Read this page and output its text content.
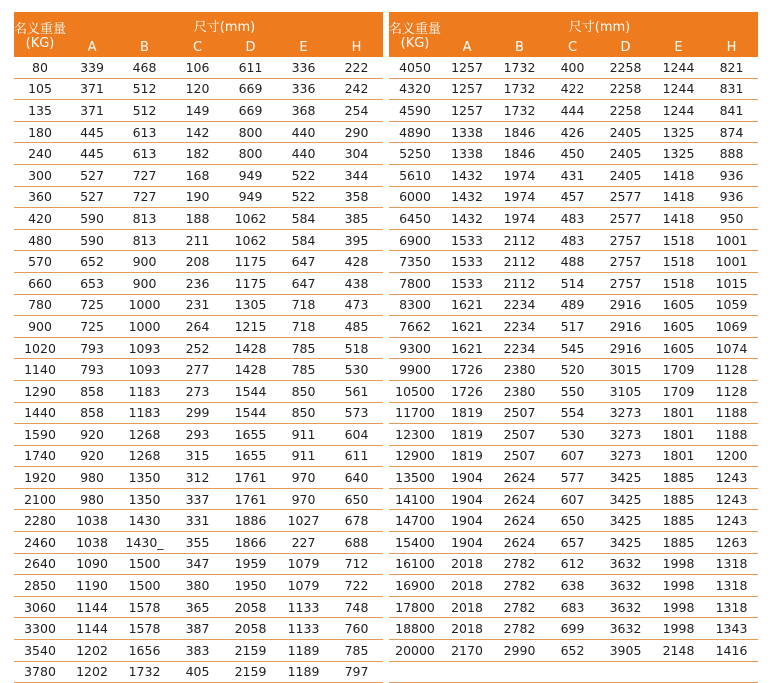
名义重量	尺寸(mm)					
(KG)	A	B	C	D	E	H
80	339	468	106	611	336	222
105	371	512	120	669	336	242
135	371	512	149	669	368	254
180	445	613	142	800	440	290
240	445	613	182	800	440	304
300	527	727	168	949	522	344
360	527	727	190	949	522	358
420	590	813	188	1062	584	385
480	590	813	211	1062	584	395
570	652	900	208	1175	647	428
660	653	900	236	1175	647	438
780	725	1000	231	1305	718	473
900	725	1000	264	1215	718	485
1020	793	1093	252	1428	785	518
1140	793	1093	277	1428	785	530
1290	858	1183	273	1544	850	561
1440	858	1183	299	1544	850	573
1590	920	1268	293	1655	911	604
1740	920	1268	315	1655	911	611
1920	980	1350	312	1761	970	640
2100	980	1350	337	1761	970	650
2280	1038	1430	331	1886	1027	678
2460	1038	1430_	355	1866	227	688
2640	1090	1500	347	1959	1079	712
2850	1190	1500	380	1950	1079	722
3060	1144	1578	365	2058	1133	748
3300	1144	1578	387	2058	1133	760
3540	1202	1656	383	2159	1189	785
3780	1202	1732	405	2159	1189	797
名义重量	尺寸(mm)					
(KG)	A	B	C	D	E	H
4050	1257	1732	400	2258	1244	821
4320	1257	1732	422	2258	1244	831
4590	1257	1732	444	2258	1244	841
4890	1338	1846	426	2405	1325	874
5250	1338	1846	450	2405	1325	888
5610	1432	1974	431	2405	1418	936
6000	1432	1974	457	2577	1418	936
6450	1432	1974	483	2577	1418	950
6900	1533	2112	483	2757	1518	1001
7350	1533	2112	488	2757	1518	1001
7800	1533	2112	514	2757	1518	1015
8300	1621	2234	489	2916	1605	1059
7662	1621	2234	517	2916	1605	1069
9300	1621	2234	545	2916	1605	1074
9900	1726	2380	520	3015	1709	1128
10500	1726	2380	550	3105	1709	1128
11700	1819	2507	554	3273	1801	1188
12300	1819	2507	530	3273	1801	1188
12900	1819	2507	607	3273	1801	1200
13500	1904	2624	577	3425	1885	1243
14100	1904	2624	607	3425	1885	1243
14700	1904	2624	650	3425	1885	1243
15400	1904	2624	657	3425	1885	1263
16100	2018	2782	612	3632	1998	1318
16900	2018	2782	638	3632	1998	1318
17800	2018	2782	683	3632	1998	1318
18800	2018	2782	699	3632	1998	1343
20000	2170	2990	652	3905	2148	1416
